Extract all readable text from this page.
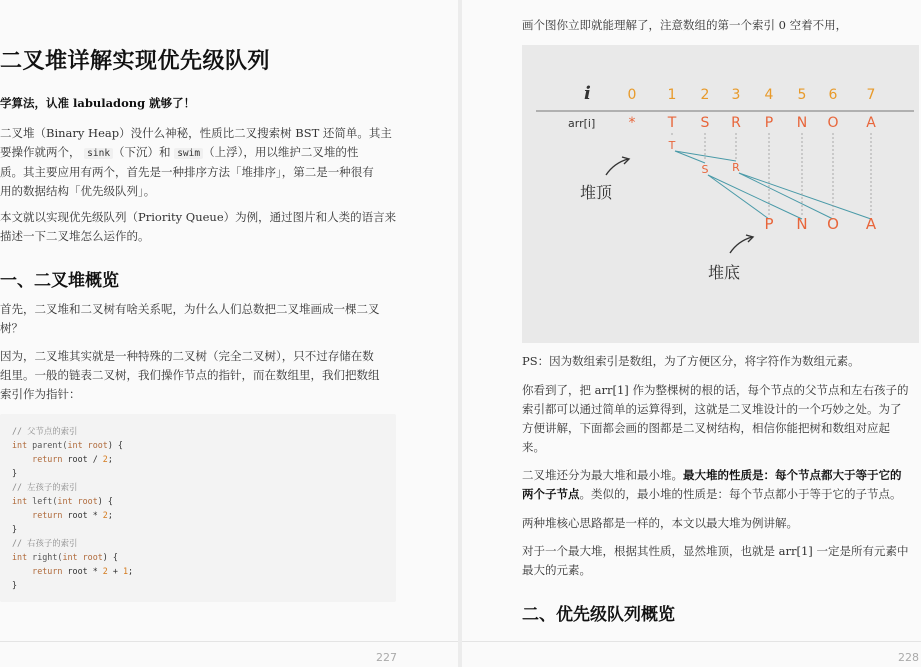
二叉堆详解实现优先级队列

学算法，认准 labuladong 就够了！

二叉堆（Binary Heap）没什么神秘，性质比二叉搜索树 BST 还简单。其主
要操作就两个， sink （下沉）和 swim （上浮），用以维护二叉堆的性
质。其主要应用有两个，首先是一种排序方法「堆排序」，第二是一种很有
用的数据结构「优先级队列」。

本文就以实现优先级队列（Priority Queue）为例，通过图片和人类的语言来
描述一下二叉堆怎么运作的。

一、二叉堆概览

首先，二叉堆和二叉树有啥关系呢，为什么人们总数把二叉堆画成一棵二叉
树？

因为，二叉堆其实就是一种特殊的二叉树（完全二叉树），只不过存储在数
组里。一般的链表二叉树，我们操作节点的指针，而在数组里，我们把数组
索引作为指针：

// 父节点的索引
int parent(int root) {
return root / 2;
}
// 左孩子的索引
int left(int root) {
return root * 2;
}
// 右孩子的索引
int right(int root) {
return root * 2 + 1;
}
227

画个图你立即就能理解了，注意数组的第一个索引 0 空着不用，

i
arr[i]
0 1 2 3 4 5 6 7
* T S R P N O A
T
S R
P N O A
堆顶
堆底

PS：因为数组索引是数组，为了方便区分，将字符作为数组元素。

你看到了，把 arr[1] 作为整棵树的根的话，每个节点的父节点和左右孩子的
索引都可以通过简单的运算得到，这就是二叉堆设计的一个巧妙之处。为了
方便讲解，下面都会画的图都是二叉树结构，相信你能把树和数组对应起
来。

二叉堆还分为最大堆和最小堆。最大堆的性质是：每个节点都大于等于它的
两个子节点。类似的，最小堆的性质是：每个节点都小于等于它的子节点。

两种堆核心思路都是一样的，本文以最大堆为例讲解。

对于一个最大堆，根据其性质，显然堆顶，也就是 arr[1] 一定是所有元素中
最大的元素。

二、优先级队列概览
228
